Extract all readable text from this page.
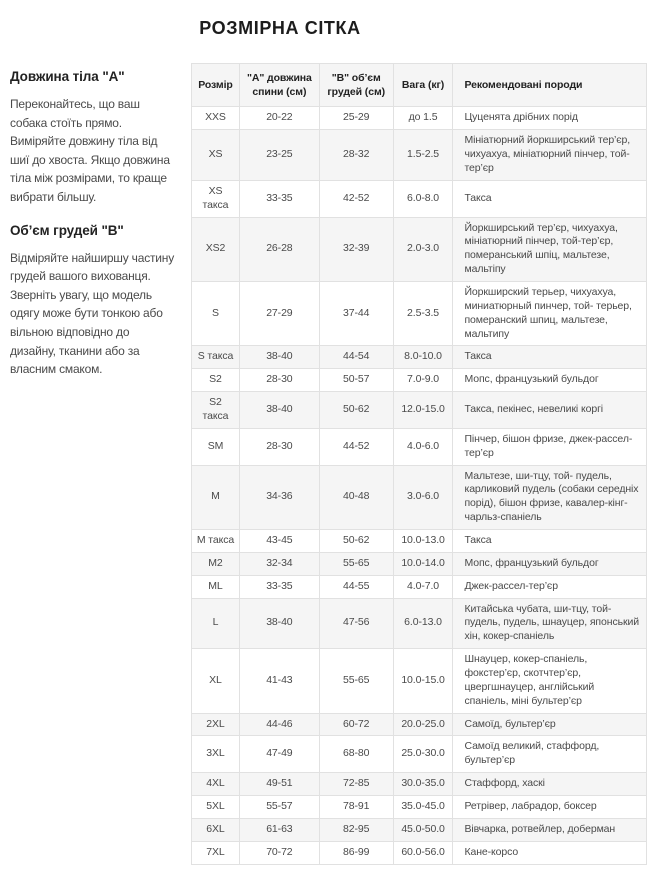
РОЗМІРНА СІТКА
Довжина тіла "А"

Переконайтесь, що ваш собака стоїть прямо. Виміряйте довжину тіла від шиї до хвоста. Якщо довжина тіла між розмірами, то краще вибрати більшу.

Об’єм грудей "В"

Відміряйте найширшу частину грудей вашого вихованця. Зверніть увагу, що модель одягу може бути тонкою або вільною відповідно до дизайну, тканини або за власним смаком.

Розмір	"А" довжина спини (см)	"В" об’єм грудей (см)	Вага (кг)	Рекомендовані породи
XXS	20-22	25-29	до 1.5	Цуценята дрібних порід
XS	23-25	28-32	1.5-2.5	Мініатюрний йоркширський тер’єр, чихуахуа, мініатюрний пінчер, той-тер’єр
XS такса	33-35	42-52	6.0-8.0	Такса
XS2	26-28	32-39	2.0-3.0	Йоркширський тер’єр, чихуахуа, мініатюрний пінчер, той-тер’єр, померанський шпіц, мальтезе, мальтіпу
S	27-29	37-44	2.5-3.5	Йоркширский терьер, чихуахуа, миниатюрный пинчер, той- терьер, померанский шпиц, мальтезе, мальтипу
S такса	38-40	44-54	8.0-10.0	Такса
S2	28-30	50-57	7.0-9.0	Мопс, французький бульдог
S2 такса	38-40	50-62	12.0-15.0	Такса, пекінес, невеликі коргі
SM	28-30	44-52	4.0-6.0	Пінчер, бішон фризе, джек-рассел-тер’єр
M	34-36	40-48	3.0-6.0	Мальтезе, ши-тцу, той- пудель, карликовий пудель (собаки середніх порід), бішон фризе, кавалер-кінг-чарльз-спаніель
M такса	43-45	50-62	10.0-13.0	Такса
M2	32-34	55-65	10.0-14.0	Мопс, французький бульдог
ML	33-35	44-55	4.0-7.0	Джек-рассел-тер’єр
L	38-40	47-56	6.0-13.0	Китайська чубата, ши-тцу, той- пудель, пудель, шнауцер, японський хін, кокер-спаніель
XL	41-43	55-65	10.0-15.0	Шнауцер, кокер-спаніель, фокстер’єр, скотчтер’єр, цвергшнауцер, англійський спаніель, міні бультер’єр
2XL	44-46	60-72	20.0-25.0	Самоїд, бультер’єр
3XL	47-49	68-80	25.0-30.0	Самоїд великий, стаффорд, бультер’єр
4XL	49-51	72-85	30.0-35.0	Стаффорд, хаскі
5XL	55-57	78-91	35.0-45.0	Ретрівер, лабрадор, боксер
6XL	61-63	82-95	45.0-50.0	Вівчарка, ротвейлер, доберман
7XL	70-72	86-99	60.0-56.0	Кане-корсо
